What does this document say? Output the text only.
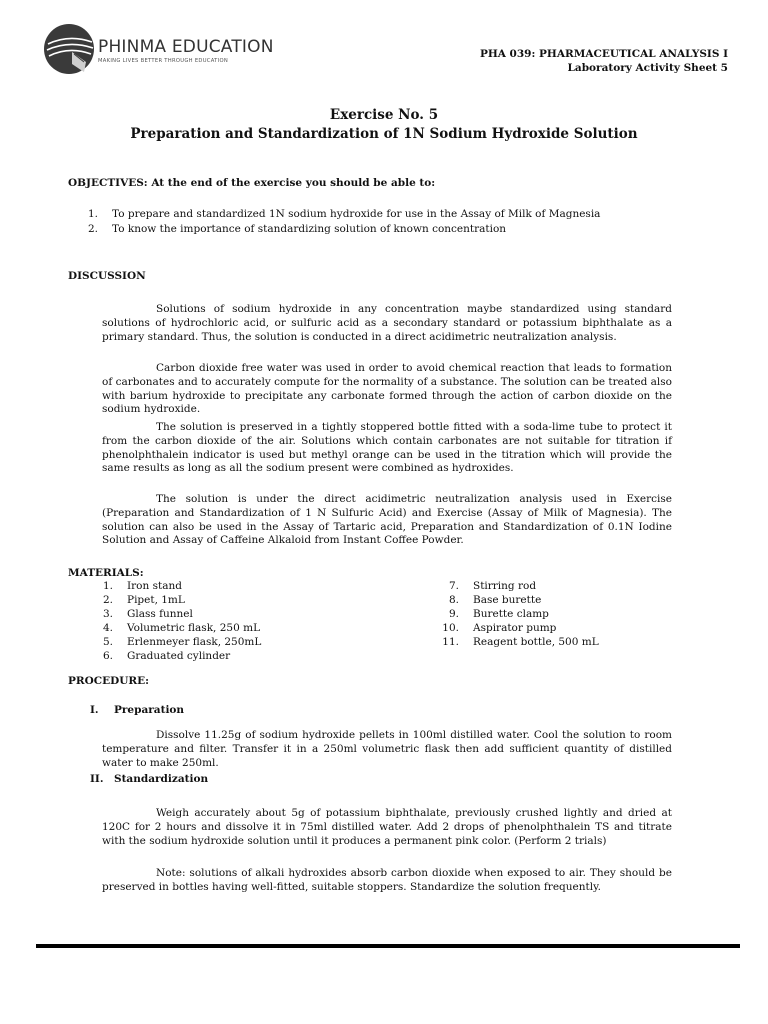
PHINMA EDUCATION
MAKING LIVES BETTER THROUGH EDUCATION
PHA 039: PHARMACEUTICAL ANALYSIS I
Laboratory Activity Sheet 5
Exercise No. 5
Preparation and Standardization of 1N Sodium Hydroxide Solution
OBJECTIVES: At the end of the exercise you should be able to:
1. To prepare and standardized 1N sodium hydroxide for use in the Assay of Milk of Magnesia
2. To know the importance of standardizing solution of known concentration
DISCUSSION
Solutions of sodium hydroxide in any concentration maybe standardized using standard solutions of hydrochloric acid, or sulfuric acid as a secondary standard or potassium biphthalate as a primary standard. Thus, the solution is conducted in a direct acidimetric neutralization analysis.
Carbon dioxide free water was used in order to avoid chemical reaction that leads to formation of carbonates and to accurately compute for the normality of a substance. The solution can be treated also with barium hydroxide to precipitate any carbonate formed through the action of carbon dioxide on the sodium hydroxide.
The solution is preserved in a tightly stoppered bottle fitted with a soda-lime tube to protect it from the carbon dioxide of the air. Solutions which contain carbonates are not suitable for titration if phenolphthalein indicator is used but methyl orange can be used in the titration which will provide the same results as long as all the sodium present were combined as hydroxides.
The solution is under the direct acidimetric neutralization analysis used in Exercise (Preparation and Standardization of 1 N Sulfuric Acid) and Exercise (Assay of Milk of Magnesia). The solution can also be used in the Assay of Tartaric acid, Preparation and Standardization of 0.1N Iodine Solution and Assay of Caffeine Alkaloid from Instant Coffee Powder.
MATERIALS:
1. Iron stand
2. Pipet, 1mL
3. Glass funnel
4. Volumetric flask, 250 mL
5. Erlenmeyer flask, 250mL
6. Graduated cylinder
7. Stirring rod
8. Base burette
9. Burette clamp
10. Aspirator pump
11. Reagent bottle, 500 mL
PROCEDURE:
I. Preparation
Dissolve 11.25g of sodium hydroxide pellets in 100ml distilled water. Cool the solution to room temperature and filter. Transfer it in a 250ml volumetric flask then add sufficient quantity of distilled water to make 250ml.
II. Standardization
Weigh accurately about 5g of potassium biphthalate, previously crushed lightly and dried at 120C for 2 hours and dissolve it in 75ml distilled water. Add 2 drops of phenolphthalein TS and titrate with the sodium hydroxide solution until it produces a permanent pink color. (Perform 2 trials)
Note: solutions of alkali hydroxides absorb carbon dioxide when exposed to air. They should be preserved in bottles having well-fitted, suitable stoppers. Standardize the solution frequently.
